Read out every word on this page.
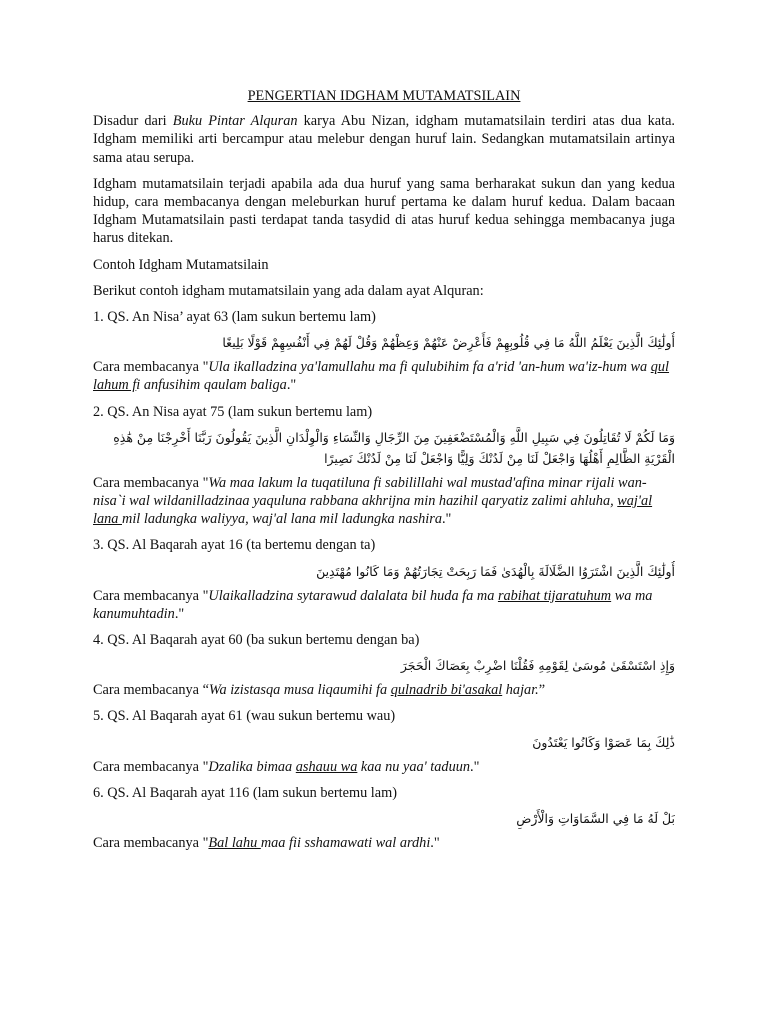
PENGERTIAN IDGHAM MUTAMATSILAIN

Disadur dari Buku Pintar Alquran karya Abu Nizan, idgham mutamatsilain terdiri atas dua kata. Idgham memiliki arti bercampur atau melebur dengan huruf lain. Sedangkan mutamatsilain artinya sama atau serupa.

Idgham mutamatsilain terjadi apabila ada dua huruf yang sama berharakat sukun dan yang kedua hidup, cara membacanya dengan meleburkan huruf pertama ke dalam huruf kedua. Dalam bacaan Idgham Mutamatsilain pasti terdapat tanda tasydid di atas huruf kedua sehingga membacanya juga harus ditekan.

Contoh Idgham Mutamatsilain

Berikut contoh idgham mutamatsilain yang ada dalam ayat Alquran:

1. QS. An Nisa’ ayat 63 (lam sukun bertemu lam)

أُولَٰئِكَ الَّذِينَ يَعْلَمُ اللَّهُ مَا فِي قُلُوبِهِمْ فَأَعْرِضْ عَنْهُمْ وَعِظْهُمْ وَقُلْ لَهُمْ فِي أَنْفُسِهِمْ قَوْلًا بَلِيغًا

Cara membacanya "Ula ikalladzina ya'lamullahu ma fi qulubihim fa a'rid 'an-hum wa'iz-hum wa qul lahum fi anfusihim qaulam baliga."

2. QS. An Nisa ayat 75 (lam sukun bertemu lam)

وَمَا لَكُمْ لَا تُقَاتِلُونَ فِي سَبِيلِ اللَّهِ وَالْمُسْتَضْعَفِينَ مِنَ الرِّجَالِ وَالنِّسَاءِ وَالْوِلْدَانِ الَّذِينَ يَقُولُونَ رَبَّنَا أَخْرِجْنَا مِنْ هَٰذِهِ الْقَرْيَةِ الظَّالِمِ أَهْلُهَا وَاجْعَلْ لَنَا مِنْ لَدُنْكَ وَلِيًّا وَاجْعَلْ لَنَا مِنْ لَدُنْكَ نَصِيرًا

Cara membacanya "Wa maa lakum la tuqatiluna fi sabilillahi wal mustad'afina minar rijali wan-nisa`i wal wildanilladzinaa yaquluna rabbana akhrijna min hazihil qaryatiz zalimi ahluha, waj'al lana mil ladungka waliyya, waj'al lana mil ladungka nashira."

3. QS. Al Baqarah ayat 16 (ta bertemu dengan ta)

أُولَٰئِكَ الَّذِينَ اشْتَرَوُا الضَّلَالَةَ بِالْهُدَىٰ فَمَا رَبِحَتْ تِجَارَتُهُمْ وَمَا كَانُوا مُهْتَدِينَ

Cara membacanya "Ulaikalladzina sytarawud dalalata bil huda fa ma rabihat tijaratuhum wa ma kanumuhtadin."

4. QS. Al Baqarah ayat 60 (ba sukun bertemu dengan ba)

وَإِذِ اسْتَسْقَىٰ مُوسَىٰ لِقَوْمِهِ فَقُلْنَا اضْرِبْ بِعَصَاكَ الْحَجَرَ

Cara membacanya “Wa izistasqa musa liqaumihi fa qulnadrib bi'asakal hajar.”

5. QS. Al Baqarah ayat 61 (wau sukun bertemu wau)

ذَٰلِكَ بِمَا عَصَوْا وَكَانُوا يَعْتَدُونَ

Cara membacanya "Dzalika bimaa ashauu wa kaa nu yaa' taduun."

6. QS. Al Baqarah ayat 116 (lam sukun bertemu lam)

بَلْ لَهُ مَا فِي السَّمَاوَاتِ وَالْأَرْضِ

Cara membacanya "Bal lahu maa fii sshamawati wal ardhi."
